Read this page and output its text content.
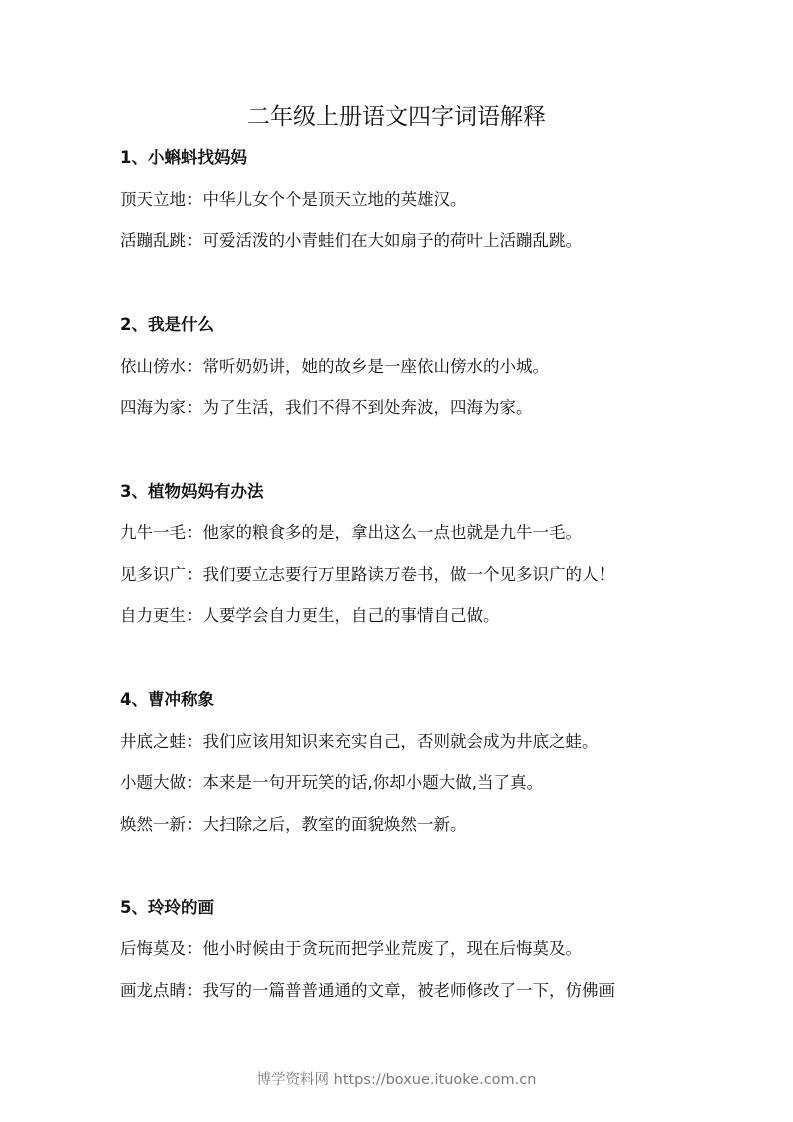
二年级上册语文四字词语解释
1、小蝌蚪找妈妈
顶天立地：中华儿女个个是顶天立地的英雄汉。
活蹦乱跳：可爱活泼的小青蛙们在大如扇子的荷叶上活蹦乱跳。
2、我是什么
依山傍水：常听奶奶讲，她的故乡是一座依山傍水的小城。
四海为家：为了生活，我们不得不到处奔波，四海为家。
3、植物妈妈有办法
九牛一毛：他家的粮食多的是，拿出这么一点也就是九牛一毛。
见多识广：我们要立志要行万里路读万卷书，做一个见多识广的人！
自力更生：人要学会自力更生，自己的事情自己做。
4、曹冲称象
井底之蛙：我们应该用知识来充实自己，否则就会成为井底之蛙。
小题大做：本来是一句开玩笑的话,你却小题大做,当了真。
焕然一新：大扫除之后，教室的面貌焕然一新。
5、玲玲的画
后悔莫及：他小时候由于贪玩而把学业荒废了，现在后悔莫及。
画龙点睛：我写的一篇普普通通的文章，被老师修改了一下，仿佛画
博学资料网 https://boxue.ituoke.com.cn
